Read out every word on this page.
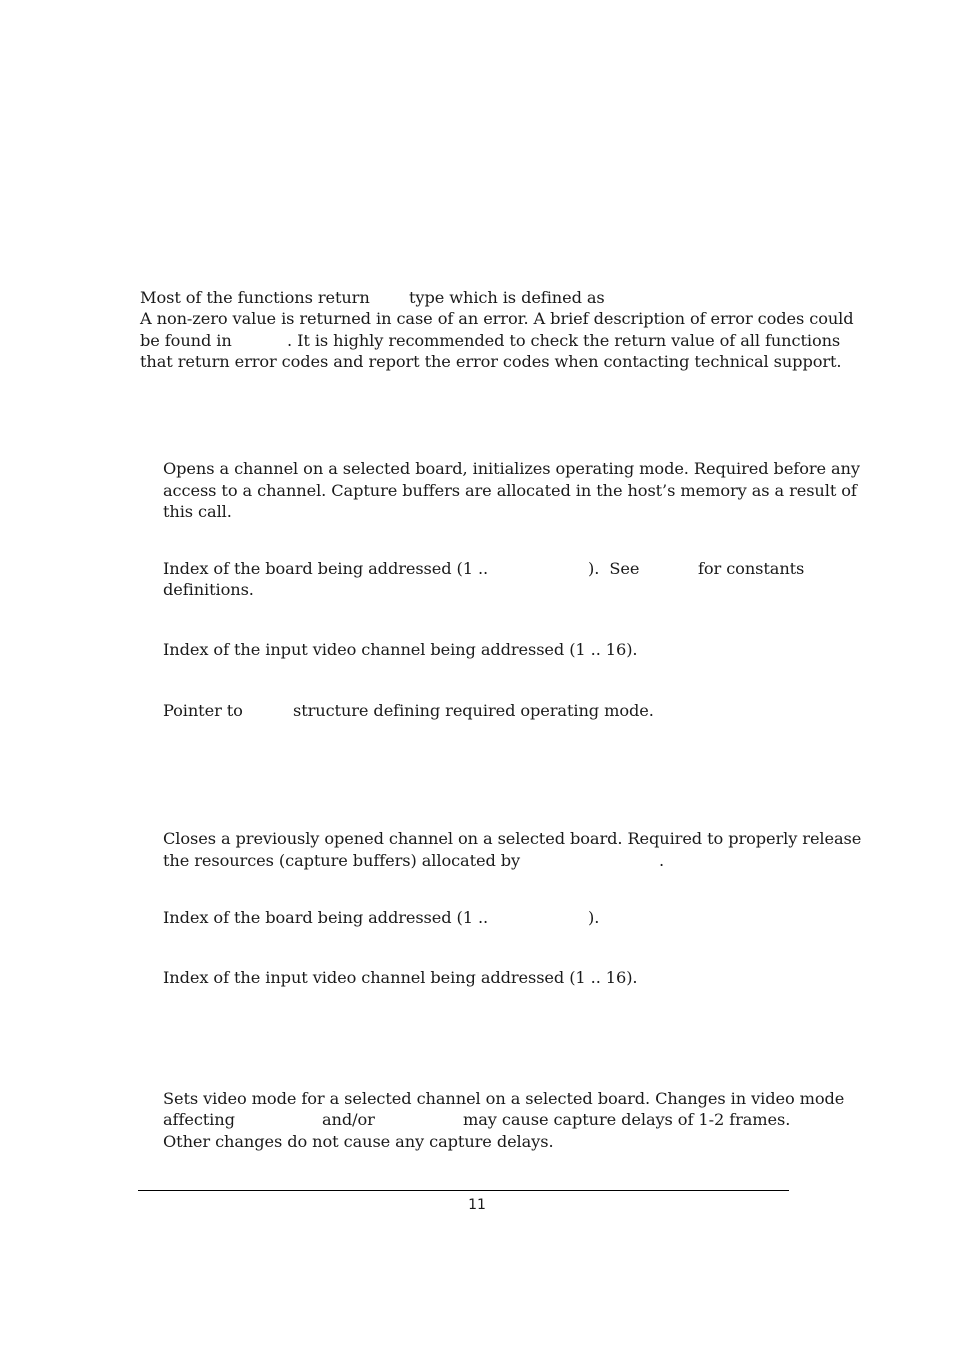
Most of the functions return type which is defined as
A non-zero value is returned in case of an error. A brief description of error codes could
be found in	. It is highly recommended to check the return value of all functions
that return error codes and report the error codes when contacting technical support.
Opens a channel on a selected board, initializes operating mode. Required before any
access to a channel. Capture buffers are allocated in the host’s memory as a result of
this call.
Index of the board being addressed (1 ..	).  See	for constants
definitions.
Index of the input video channel being addressed (1 .. 16).
Pointer to	structure defining required operating mode.
Closes a previously opened channel on a selected board. Required to properly release
the resources (capture buffers) allocated by	.
Index of the board being addressed (1 ..	).
Index of the input video channel being addressed (1 .. 16).
Sets video mode for a selected channel on a selected board. Changes in video mode
affecting	and/or	may cause capture delays of 1-2 frames.
Other changes do not cause any capture delays.
11
